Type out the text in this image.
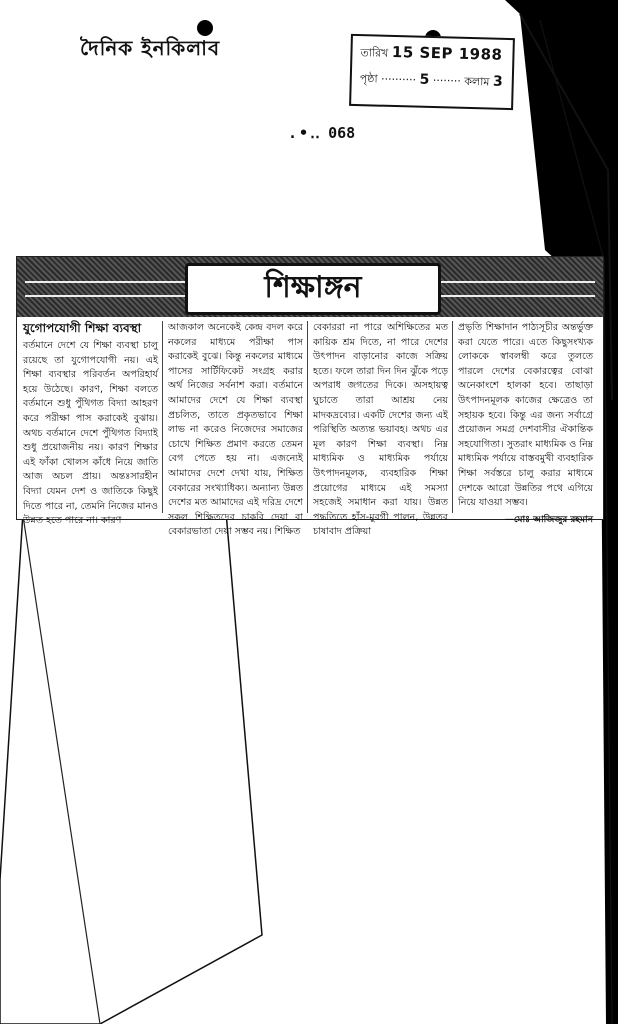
দৈনিক ইনকিলাব	তারিখ 15 SEP 1988
পৃষ্ঠা ·········· 5 ········ কলাম 3
.•‥ 068
শিক্ষাঙ্গন
যুগোপযোগী শিক্ষা ব্যবস্থা
বর্তমানে দেশে যে শিক্ষা ব্যবস্থা চালু রয়েছে তা যুগোপযোগী নয়। এই শিক্ষা ব্যবস্থার পরিবর্তন অপরিহার্য হয়ে উঠেছে। কারণ, শিক্ষা বলতে বর্তমানে শুধু পুঁথিগত বিদ্যা আহরণ করে পরীক্ষা পাস করাকেই বুঝায়। অথচ বর্তমানে দেশে পুঁথিগত বিদ্যাই শুধু প্রয়োজনীয় নয়। কারণ শিক্ষার এই ফাঁকা খোলস কাঁধে নিয়ে জাতি আজ অচল প্রায়। অন্তঃসারহীন বিদ্যা যেমন দেশ ও জাতিকে কিছুই দিতে পারে না, তেমনি নিজের মানও উন্নত হতে পারে না। কারণ
আজকাল অনেকেই কেন্দ্র বদল করে নকলের মাধ্যমে পরীক্ষা পাস করাকেই বুঝে। কিন্তু নকলের মাধ্যমে পাসের সার্টিফিকেট সংগ্রহ করার অর্থ নিজের সর্বনাশ করা। বর্তমানে আমাদের দেশে যে শিক্ষা ব্যবস্থা প্রচলিত, তাতে প্রকৃতভাবে শিক্ষা লাভ না করেও নিজেদের সমাজের চোখে শিক্ষিত প্রমাণ করতে তেমন বেগ পেতে হয় না। এজন্যেই আমাদের দেশে দেখা যায়, শিক্ষিত বেকারের সংখ্যাধিক্য। অন্যান্য উন্নত দেশের মত আমাদের এই দরিদ্র দেশে সকল শিক্ষিতদের চাকরি দেয়া বা বেকারভাতা দেয়া সম্ভব নয়। শিক্ষিত
বেকাররা না পারে অশিক্ষিতের মত কায়িক শ্রম দিতে, না পারে দেশের উৎপাদন বাড়ানোর কাজে সক্রিয় হতে। ফলে তারা দিন দিন ঝুঁকে পড়ে অপরাধ জগতের দিকে। অসহায়ত্ব ঘুচাতে তারা আশ্রয় নেয় মাদকদ্রব্যের। একটি দেশের জন্য এই পরিস্থিতি অত্যন্ত ভয়াবহ। অথচ এর মূল কারণ শিক্ষা ব্যবস্থা। নিম্ন মাধ্যমিক ও মাধ্যমিক পর্যায়ে উৎপাদনমূলক, ব্যবহারিক শিক্ষা প্রয়োগের মাধ্যমে এই সমস্যা সহজেই সমাধান করা যায়। উন্নত পদ্ধতিতে হাঁস-মুরগী পালন, উন্নতর চাষাবাদ প্রক্রিয়া
প্রভৃতি শিক্ষাদান পাঠ্যসূচীর অন্তর্ভুক্ত করা যেতে পারে। এতে কিছুসংখ্যক লোককে স্বাবলম্বী করে তুলতে পারলে দেশের বেকারত্বের বোঝা অনেকাংশে হালকা হবে। তাছাড়া উৎপাদনমূলক কাজের ক্ষেত্রেও তা সহায়ক হবে। কিন্তু এর জন্য সর্বাগ্রে প্রয়োজন সমগ্র দেশবাসীর ঐকান্তিক সহযোগিতা। সুতরাং মাধ্যমিক ও নিম্ন মাধ্যমিক পর্যায়ে বাস্তবমুখী ব্যবহারিক শিক্ষা সর্বস্তরে চালু করার মাধ্যমে দেশকে আরো উন্নতির পথে এগিয়ে নিয়ে যাওয়া সম্ভব।
—মোঃ আজিজুর রহমান
